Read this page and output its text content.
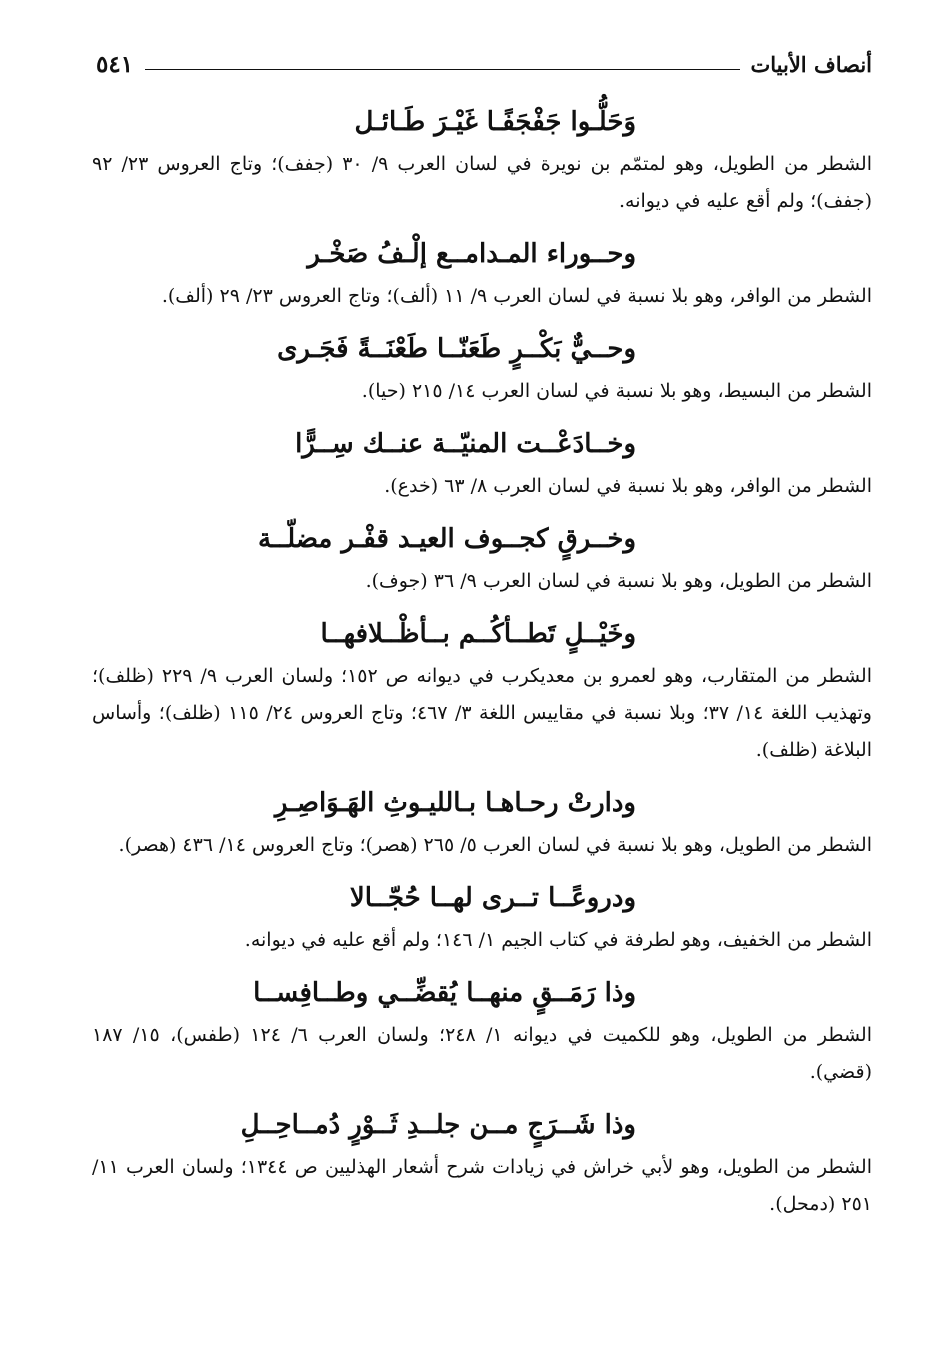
أنصاف الأبيات
٥٤١
وَحَلُّـوا جَفْجَفًـا غَيْـرَ طَـائـل

الشطر من الطويل، وهو لمتمّم بن نويرة في لسان العرب ٩/ ٣٠ (جفف)؛ وتاج العروس ٢٣/ ٩٢ (جفف)؛ ولم أقع عليه في ديوانه.

وحــوراء المـدامــع إلْـفُ صَخْـر

الشطر من الوافر، وهو بلا نسبة في لسان العرب ٩/ ١١ (ألف)؛ وتاج العروس ٢٣/ ٢٩ (ألف).

وحــيٌّ بَكْــرٍ طَعَنّــا طَعْنَــةً فَجَـرى

الشطر من البسيط، وهو بلا نسبة في لسان العرب ١٤/ ٢١٥ (حيا).

وخــادَعْــت المنيّــة عنــك سِــرًّا

الشطر من الوافر، وهو بلا نسبة في لسان العرب ٨/ ٦٣ (خدع).

وخــرقٍ كجــوف العيـد قفْـر مضلّــة

الشطر من الطويل، وهو بلا نسبة في لسان العرب ٩/ ٣٦ (جوف).

وخَيْــلٍ تَطــأكُــم بــأظْــلافهــا

الشطر من المتقارب، وهو لعمرو بن معديكرب في ديوانه ص ١٥٢؛ ولسان العرب ٩/ ٢٢٩ (ظلف)؛ وتهذيب اللغة ١٤/ ٣٧؛ وبلا نسبة في مقاييس اللغة ٣/ ٤٦٧؛ وتاج العروس ٢٤/ ١١٥ (ظلف)؛ وأساس البلاغة (ظلف).

ودارتْ رحـاهـا بـالليـوثِ الهَـوَاصِـرِ

الشطر من الطويل، وهو بلا نسبة في لسان العرب ٥/ ٢٦٥ (هصر)؛ وتاج العروس ١٤/ ٤٣٦ (هصر).

ودروعًــا تــرى لهــا حُجّــالا

الشطر من الخفيف، وهو لطرفة في كتاب الجيم ١/ ١٤٦؛ ولم أقع عليه في ديوانه.

وذا رَمَــقٍ منهــا يُقضِّــي وطــافِســا

الشطر من الطويل، وهو للكميت في ديوانه ١/ ٢٤٨؛ ولسان العرب ٦/ ١٢٤ (طفس)، ١٥/ ١٨٧ (قضي).

وذا شَــرَجٍ مــن جلــدِ ثَــوْرٍ دُمــاحِــلِ

الشطر من الطويل، وهو لأبي خراش في زيادات شرح أشعار الهذليين ص ١٣٤٤؛ ولسان العرب ١١/ ٢٥١ (دمحل).
